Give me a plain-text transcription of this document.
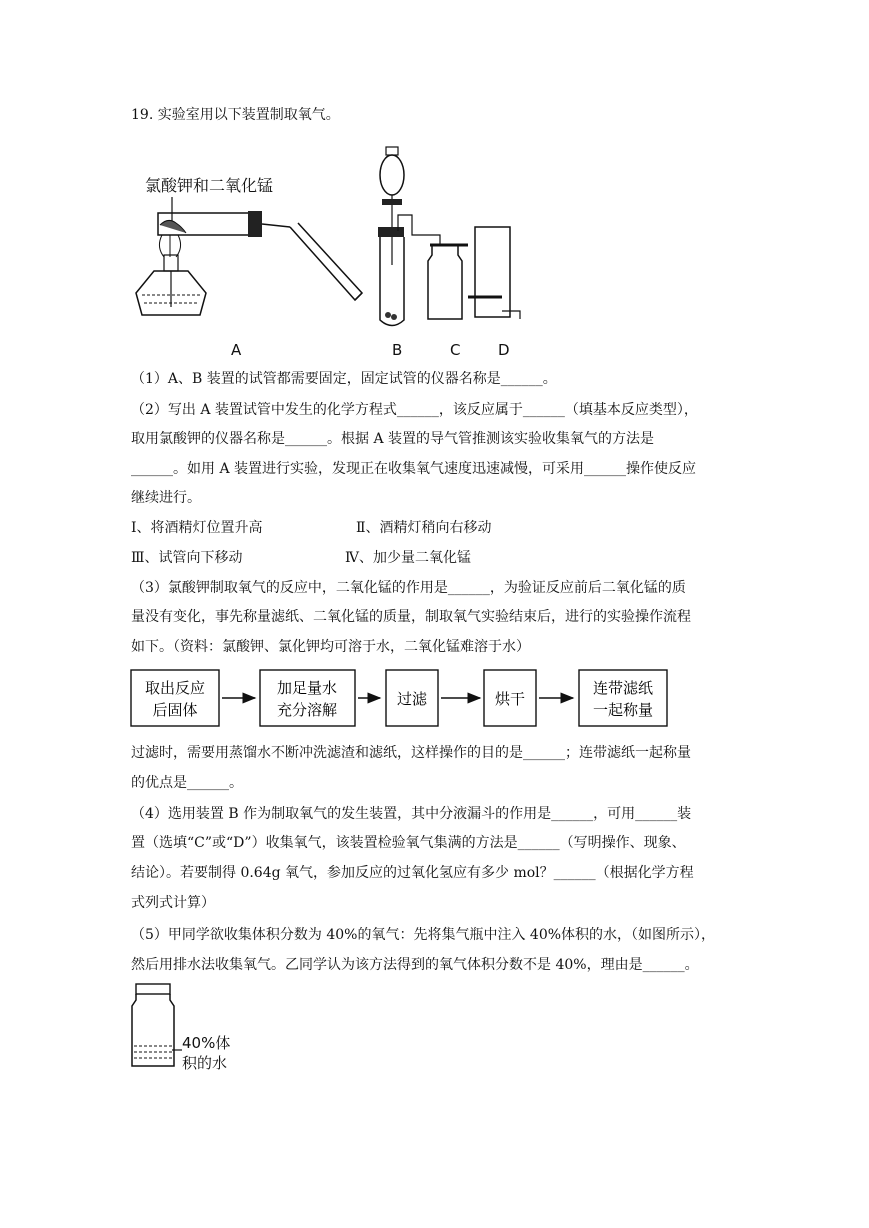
19. 实验室用以下装置制取氧气。
氯酸钾和二氧化锰
A	B	C	D
（1）A、B 装置的试管都需要固定，固定试管的仪器名称是______。
（2）写出 A 装置试管中发生的化学方程式______，该反应属于______（填基本反应类型），
取用氯酸钾的仪器名称是______。根据 A 装置的导气管推测该实验收集氧气的方法是
______。如用 A 装置进行实验，发现正在收集氧气速度迅速减慢，可采用______操作使反应
继续进行。
Ⅰ、将酒精灯位置升高	Ⅱ、酒精灯稍向右移动
Ⅲ、试管向下移动	Ⅳ、加少量二氧化锰
（3）氯酸钾制取氧气的反应中，二氧化锰的作用是______，为验证反应前后二氧化锰的质
量没有变化，事先称量滤纸、二氧化锰的质量，制取氧气实验结束后，进行的实验操作流程
如下。（资料：氯酸钾、氯化钾均可溶于水，二氧化锰难溶于水）
取出反应
后固体
加足量水
充分溶解
过滤	烘干
连带滤纸
一起称量
过滤时，需要用蒸馏水不断冲洗滤渣和滤纸，这样操作的目的是______；连带滤纸一起称量
的优点是______。
（4）选用装置 B 作为制取氧气的发生装置，其中分液漏斗的作用是______，可用______装
置（选填“C”或“D”）收集氧气，该装置检验氧气集满的方法是______（写明操作、现象、
结论）。若要制得 0.64g 氧气，参加反应的过氧化氢应有多少 mol？______（根据化学方程
式列式计算）
（5）甲同学欲收集体积分数为 40%的氧气：先将集气瓶中注入 40%体积的水，（如图所示），
然后用排水法收集氧气。乙同学认为该方法得到的氧气体积分数不是 40%，理由是______。
40%体
积的水
